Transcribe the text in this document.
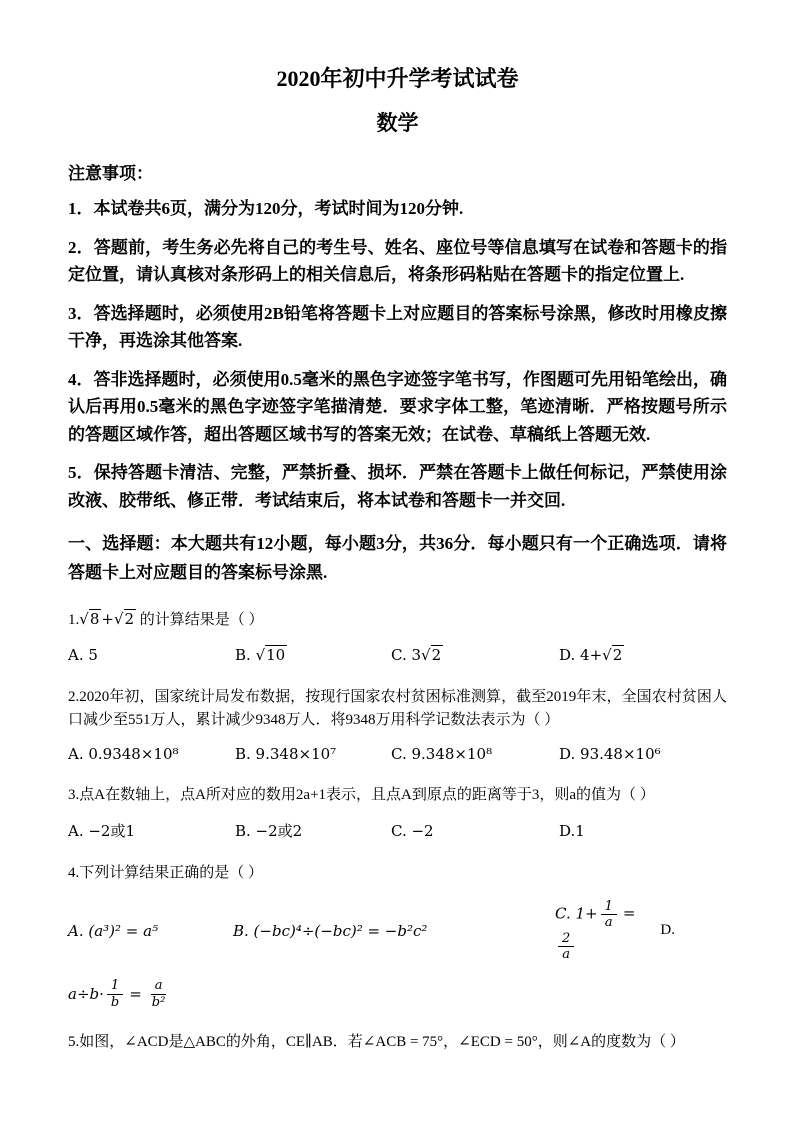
2020年初中升学考试试卷
数学

注意事项：

1．本试卷共6页，满分为120分，考试时间为120分钟.

2．答题前，考生务必先将自己的考生号、姓名、座位号等信息填写在试卷和答题卡的指定位置，请认真核对条形码上的相关信息后，将条形码粘贴在答题卡的指定位置上.

3．答选择题时，必须使用2B铅笔将答题卡上对应题目的答案标号涂黑，修改时用橡皮擦干净，再选涂其他答案.

4．答非选择题时，必须使用0.5毫米的黑色字迹签字笔书写，作图题可先用铅笔绘出，确认后再用0.5毫米的黑色字迹签字笔描清楚．要求字体工整，笔迹清晰．严格按题号所示的答题区域作答，超出答题区域书写的答案无效；在试卷、草稿纸上答题无效.

5．保持答题卡清洁、完整，严禁折叠、损坏．严禁在答题卡上做任何标记，严禁使用涂改液、胶带纸、修正带．考试结束后，将本试卷和答题卡一并交回.

一、选择题：本大题共有12小题，每小题3分，共36分．每小题只有一个正确选项．请将答题卡上对应题目的答案标号涂黑.

1. √ 8 + √ 2 的计算结果是（ ）

A. 5	B. √ 10	C. 3 √ 2	D. 4+ √ 2

2.2020年初，国家统计局发布数据，按现行国家农村贫困标准测算，截至2019年末，全国农村贫困人口减少至551万人，累计减少9348万人．将9348万用科学记数法表示为（ ）

A. 0.9348×10⁸	B. 9.348×10⁷	C. 9.348×10⁸	D. 93.48×10⁶

3.点A在数轴上，点A所对应的数用2a+1表示，且点A到原点的距离等于3，则a的值为（ ）

A. −2或1	B. −2或2	C. −2	D.1

4.下列计算结果正确的是（ ）

A. (a³)² = a⁵	B. (−bc)⁴÷(−bc)² = −b²c²
C. $1+ \frac{1}{a}$ =
$\frac{2}{a}$
D.

$a\div b\cdot \frac{1}{b} = \frac{a}{\text{b²}}$

5.如图，∠ACD是△ABC的外角，CE∥AB．若∠ACB = 75°，∠ECD = 50°，则∠A的度数为（ ）
